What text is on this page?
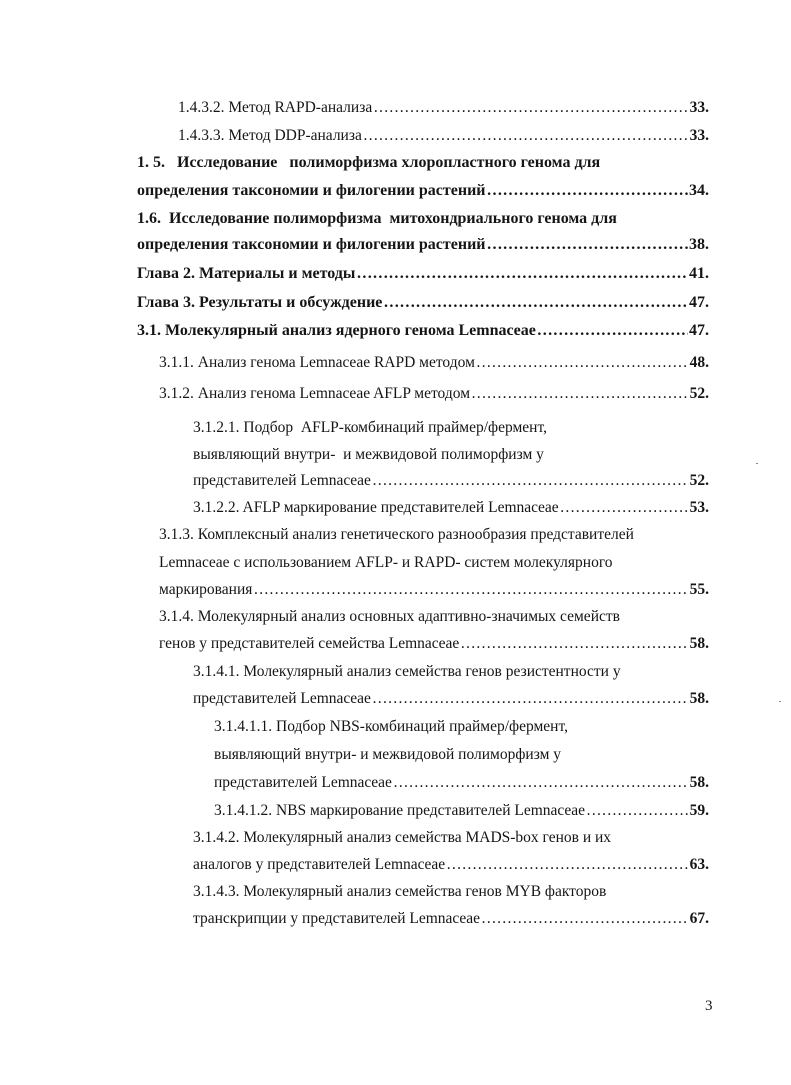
1.4.3.2. Метод RAPD-анализа ………………………………………………………………………………………………………………………………………………………………………………………………	33.
1.4.3.3. Метод DDP-анализа ………………………………………………………………………………………………………………………………………………………………………………………………	33.
1. 5.   Исследование   полиморфизма хлоропластного генома для
определения таксономии и филогении растений ………………………………………………………………………………………………………………………………………………………………………………………………	34.
1.6.  Исследование полиморфизма  митохондриального генома для
определения таксономии и филогении растений ………………………………………………………………………………………………………………………………………………………………………………………………	38.
Глава 2. Материалы и методы ………………………………………………………………………………………………………………………………………………………………………………………………	41.
Глава 3. Результаты и обсуждение ………………………………………………………………………………………………………………………………………………………………………………………………	47.
3.1. Молекулярный анализ ядерного генома Lemnaceae ………………………………………………………………………………………………………………………………………………………………………………………………	47.
3.1.1. Анализ генома Lemnaceae RAPD методом ………………………………………………………………………………………………………………………………………………………………………………………………	48.
3.1.2. Анализ генома Lemnaceae AFLP методом ………………………………………………………………………………………………………………………………………………………………………………………………	52.
3.1.2.1. Подбор  AFLP-комбинаций праймер/фермент,
выявляющий внутри-  и межвидовой полиморфизм у
представителей Lemnaceae ………………………………………………………………………………………………………………………………………………………………………………………………	52.
3.1.2.2. AFLP маркирование представителей Lemnaceae ………………………………………………………………………………………………………………………………………………………………………………………………	53.
3.1.3. Комплексный анализ генетического разнообразия представителей
Lemnaceae с использованием AFLP- и RAPD- систем молекулярного
маркирования ………………………………………………………………………………………………………………………………………………………………………………………………	55.
3.1.4. Молекулярный анализ основных адаптивно-значимых семейств
генов у представителей семейства Lemnaceae ………………………………………………………………………………………………………………………………………………………………………………………………	58.
3.1.4.1. Молекулярный анализ семейства генов резистентности у
представителей Lemnaceae ………………………………………………………………………………………………………………………………………………………………………………………………	58.
3.1.4.1.1. Подбор NBS-комбинаций праймер/фермент,
выявляющий внутри- и межвидовой полиморфизм у
представителей Lemnaceae ………………………………………………………………………………………………………………………………………………………………………………………………	58.
3.1.4.1.2. NBS маркирование представителей Lemnaceae ………………………………………………………………………………………………………………………………………………………………………………………………	59.
3.1.4.2. Молекулярный анализ семейства MADS-box генов и их
аналогов у представителей Lemnaceae ………………………………………………………………………………………………………………………………………………………………………………………………	63.
3.1.4.3. Молекулярный анализ семейства генов MYB факторов
транскрипции у представителей Lemnaceae ………………………………………………………………………………………………………………………………………………………………………………………………	67.
3
